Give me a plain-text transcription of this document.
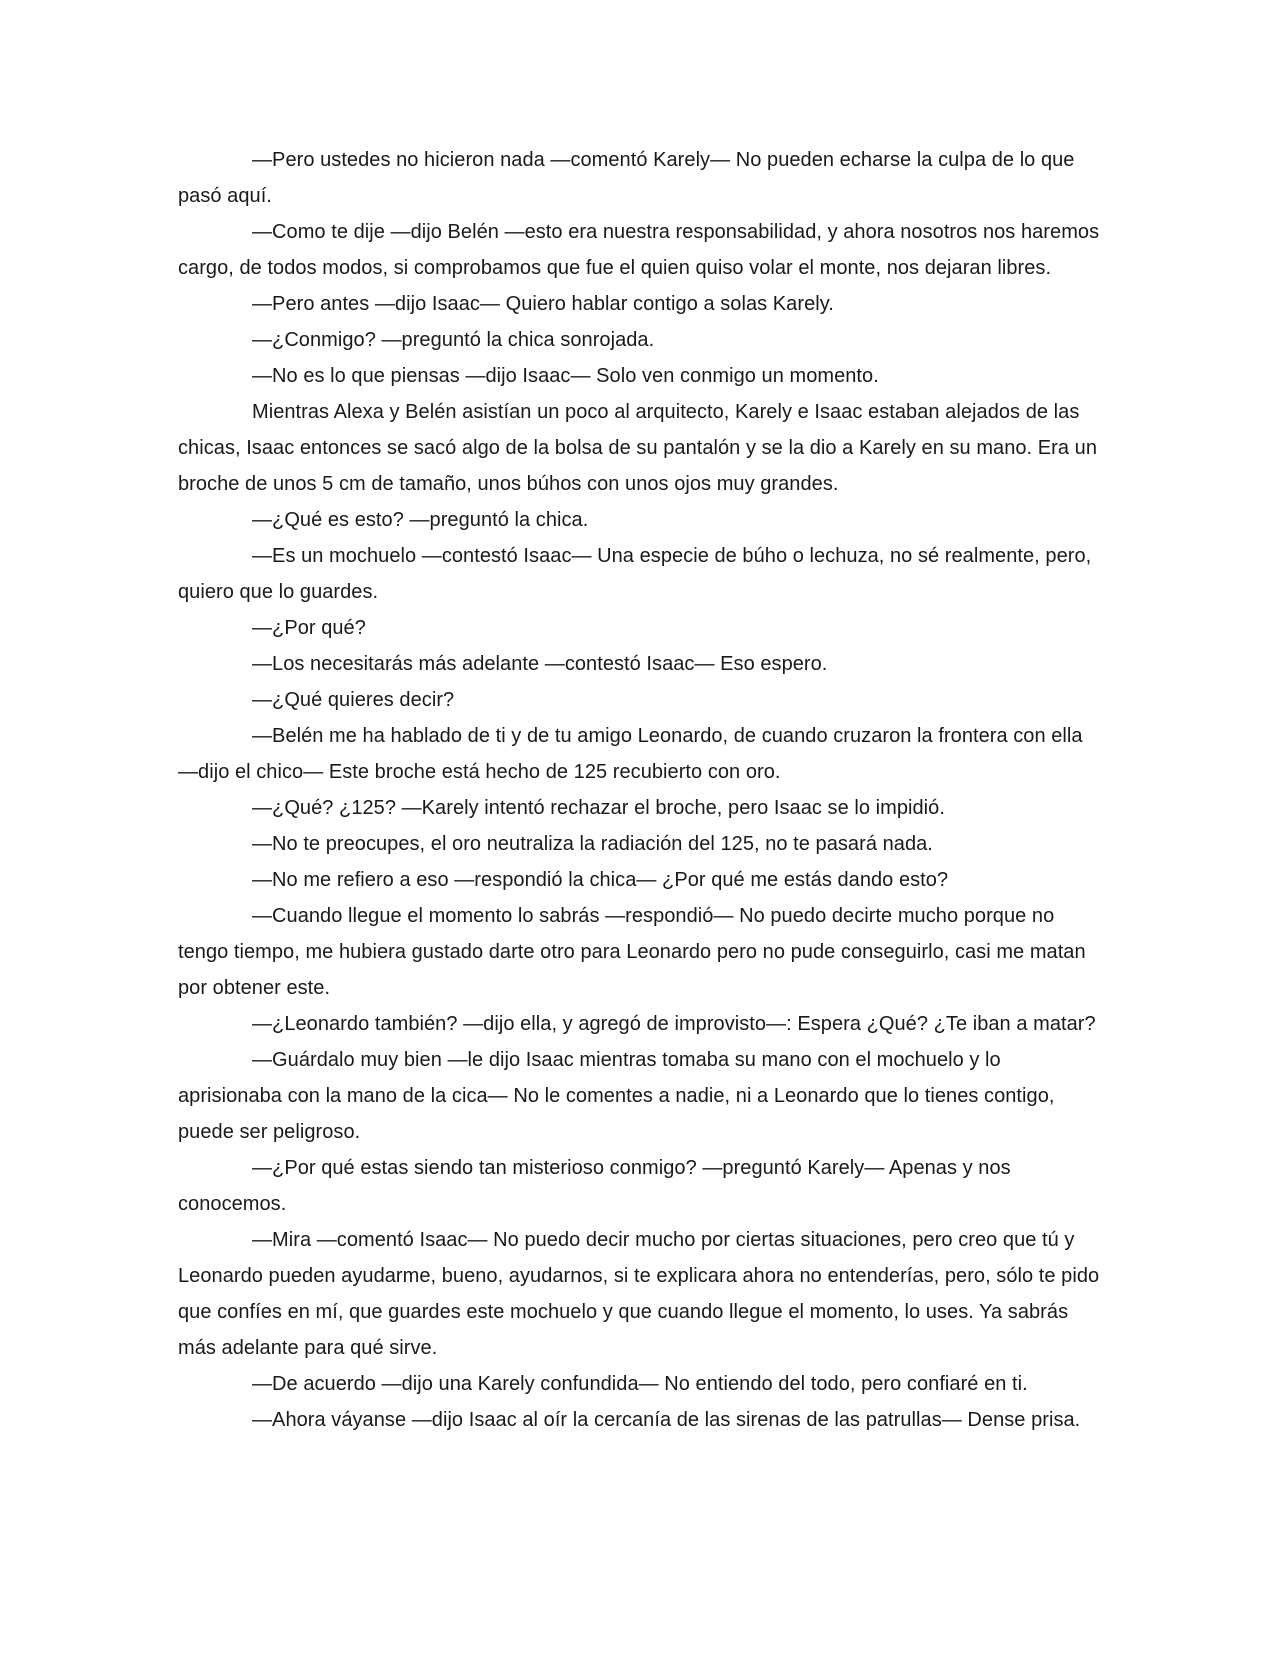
—Pero ustedes no hicieron nada —comentó Karely— No pueden echarse la culpa de lo que pasó aquí.

—Como te dije —dijo Belén —esto era nuestra responsabilidad, y ahora nosotros nos haremos cargo, de todos modos, si comprobamos que fue el quien quiso volar el monte, nos dejaran libres.

—Pero antes —dijo Isaac— Quiero hablar contigo a solas Karely.

—¿Conmigo? —preguntó la chica sonrojada.

—No es lo que piensas —dijo Isaac— Solo ven conmigo un momento.

Mientras Alexa y Belén asistían un poco al arquitecto, Karely e Isaac estaban alejados de las chicas, Isaac entonces se sacó algo de la bolsa de su pantalón y se la dio a Karely en su mano. Era un broche de unos 5 cm de tamaño, unos búhos con unos ojos muy grandes.

—¿Qué es esto? —preguntó la chica.

—Es un mochuelo —contestó Isaac— Una especie de búho o lechuza, no sé realmente, pero, quiero que lo guardes.

—¿Por qué?

—Los necesitarás más adelante —contestó Isaac— Eso espero.

—¿Qué quieres decir?

—Belén me ha hablado de ti y de tu amigo Leonardo, de cuando cruzaron la frontera con ella —dijo el chico— Este broche está hecho de 125 recubierto con oro.

—¿Qué? ¿125? —Karely intentó rechazar el broche, pero Isaac se lo impidió.

—No te preocupes, el oro neutraliza la radiación del 125, no te pasará nada.

—No me refiero a eso —respondió la chica— ¿Por qué me estás dando esto?

—Cuando llegue el momento lo sabrás —respondió— No puedo decirte mucho porque no tengo tiempo, me hubiera gustado darte otro para Leonardo pero no pude conseguirlo, casi me matan por obtener este.

—¿Leonardo también? —dijo ella, y agregó de improvisto—: Espera ¿Qué? ¿Te iban a matar?

—Guárdalo muy bien —le dijo Isaac mientras tomaba su mano con el mochuelo y lo aprisionaba con la mano de la cica— No le comentes a nadie, ni a Leonardo que lo tienes contigo, puede ser peligroso.

—¿Por qué estas siendo tan misterioso conmigo? —preguntó Karely— Apenas y nos conocemos.

—Mira —comentó Isaac— No puedo decir mucho por ciertas situaciones, pero creo que tú y Leonardo pueden ayudarme, bueno, ayudarnos, si te explicara ahora no entenderías, pero, sólo te pido que confíes en mí, que guardes este mochuelo y que cuando llegue el momento, lo uses. Ya sabrás más adelante para qué sirve.

—De acuerdo —dijo una Karely confundida— No entiendo del todo, pero confiaré en ti.

—Ahora váyanse —dijo Isaac al oír la cercanía de las sirenas de las patrullas— Dense prisa.
